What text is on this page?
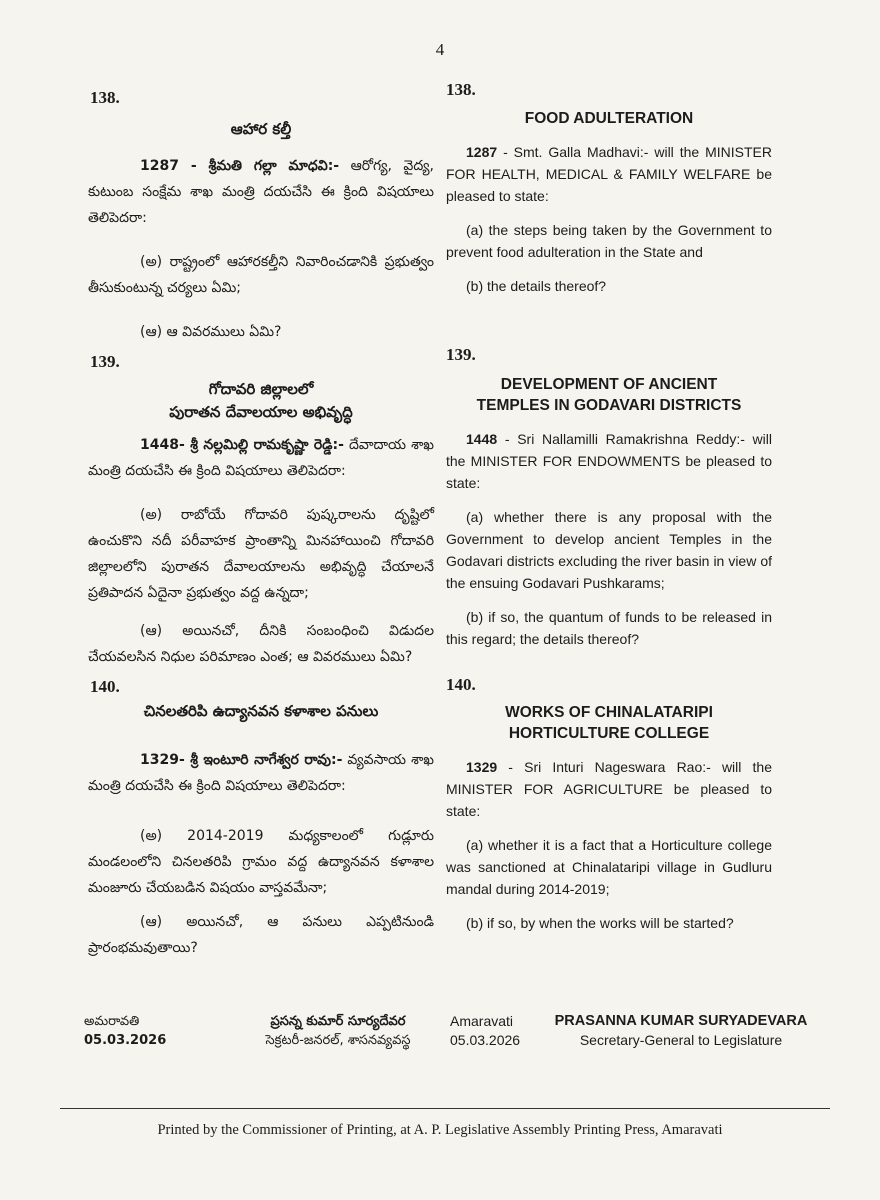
4
138.	138.
ఆహార కల్తీ

1287 - శ్రీమతి గల్లా మాధవి:- ఆరోగ్య, వైద్య, కుటుంబ సంక్షేమ శాఖ మంత్రి దయచేసి ఈ క్రింది విషయాలు తెలిపెదరా:

(అ) రాష్ట్రంలో ఆహారకల్తీని నివారించడానికి ప్రభుత్వం తీసుకుంటున్న చర్యలు ఏమి;

(ఆ) ఆ వివరములు ఏమి?

FOOD ADULTERATION

1287 - Smt. Galla Madhavi:- will the MINISTER FOR HEALTH, MEDICAL & FAMILY WELFARE be pleased to state:

(a) the steps being taken by the Government to prevent food adulteration in the State and

(b) the details thereof?

139.	139.
గోదావరి జిల్లాలలో
పురాతన దేవాలయాల అభివృద్ధి

1448- శ్రీ నల్లమిల్లి రామకృష్ణా రెడ్డి:- దేవాదాయ శాఖ మంత్రి దయచేసి ఈ క్రింది విషయాలు తెలిపెదరా:

(అ) రాబోయే గోదావరి పుష్కరాలను దృష్టిలో ఉంచుకొని నదీ పరీవాహక ప్రాంతాన్ని మినహాయించి గోదావరి జిల్లాలలోని పురాతన దేవాలయాలను అభివృద్ధి చేయాలనే ప్రతిపాదన ఏదైనా ప్రభుత్వం వద్ద ఉన్నదా;

(ఆ) అయినచో, దీనికి సంబంధించి విడుదల చేయవలసిన నిధుల పరిమాణం ఎంత; ఆ వివరములు ఏమి?

DEVELOPMENT OF ANCIENT
TEMPLES IN GODAVARI DISTRICTS

1448 - Sri Nallamilli Ramakrishna Reddy:- will the MINISTER FOR ENDOWMENTS be pleased to state:

(a) whether there is any proposal with the Government to develop ancient Temples in the Godavari districts excluding the river basin in view of the ensuing Godavari Pushkarams;

(b) if so, the quantum of funds to be released in this regard; the details thereof?

140.	140.
చినలతరిపి ఉద్యానవన కళాశాల పనులు

1329- శ్రీ ఇంటూరి నాగేశ్వర రావు:- వ్యవసాయ శాఖ మంత్రి దయచేసి ఈ క్రింది విషయాలు తెలిపెదరా:

(అ) 2014-2019 మధ్యకాలంలో గుడ్లూరు మండలంలోని చినలతరిపి గ్రామం వద్ద ఉద్యానవన కళాశాల మంజూరు చేయబడిన విషయం వాస్తవమేనా;

(ఆ) అయినచో, ఆ పనులు ఎప్పటినుండి ప్రారంభమవుతాయి?

WORKS OF CHINALATARIPI
HORTICULTURE COLLEGE

1329 - Sri Inturi Nageswara Rao:- will the MINISTER FOR AGRICULTURE be pleased to state:

(a) whether it is a fact that a Horticulture college was sanctioned at Chinalataripi village in Gudluru mandal during 2014-2019;

(b) if so, by when the works will be started?

అమరావతి
05.03.2026
ప్రసన్న కుమార్ సూర్యదేవర
సెక్రటరీ-జనరల్, శాసనవ్యవస్థ
Amaravati
05.03.2026
PRASANNA KUMAR SURYADEVARA
Secretary-General to Legislature
Printed by the Commissioner of Printing, at A. P. Legislative Assembly Printing Press, Amaravati
